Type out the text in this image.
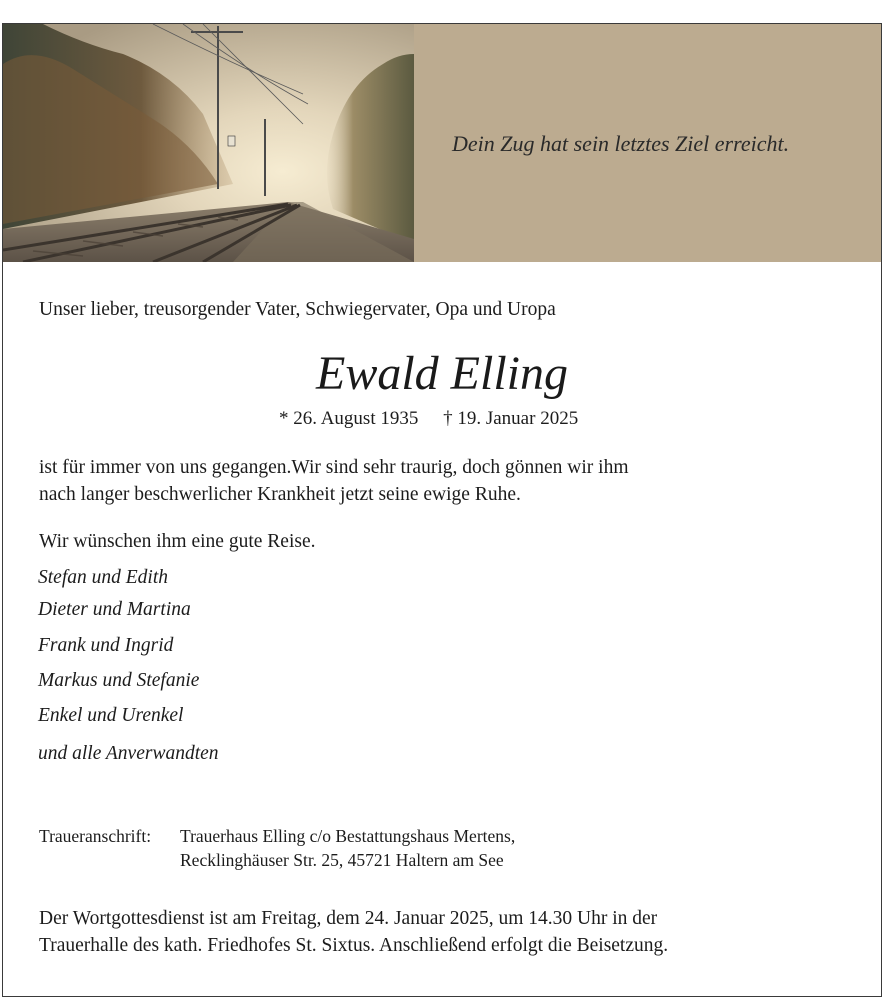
Dein Zug hat sein letztes Ziel erreicht.
Unser lieber, treusorgender Vater, Schwiegervater, Opa und Uropa
Ewald Elling
* 26. August 1935 † 19. Januar 2025
ist für immer von uns gegangen.Wir sind sehr traurig, doch gönnen wir ihm
nach langer beschwerlicher Krankheit jetzt seine ewige Ruhe.
Wir wünschen ihm eine gute Reise.
Stefan und Edith
Dieter und Martina
Frank und Ingrid
Markus und Stefanie
Enkel und Urenkel
und alle Anverwandten
Traueranschrift: Trauerhaus Elling c/o Bestattungshaus Mertens,
Recklinghäuser Str. 25, 45721 Haltern am See
Der Wortgottesdienst ist am Freitag, dem 24. Januar 2025, um 14.30 Uhr in der
Trauerhalle des kath. Friedhofes St. Sixtus. Anschließend erfolgt die Beisetzung.
